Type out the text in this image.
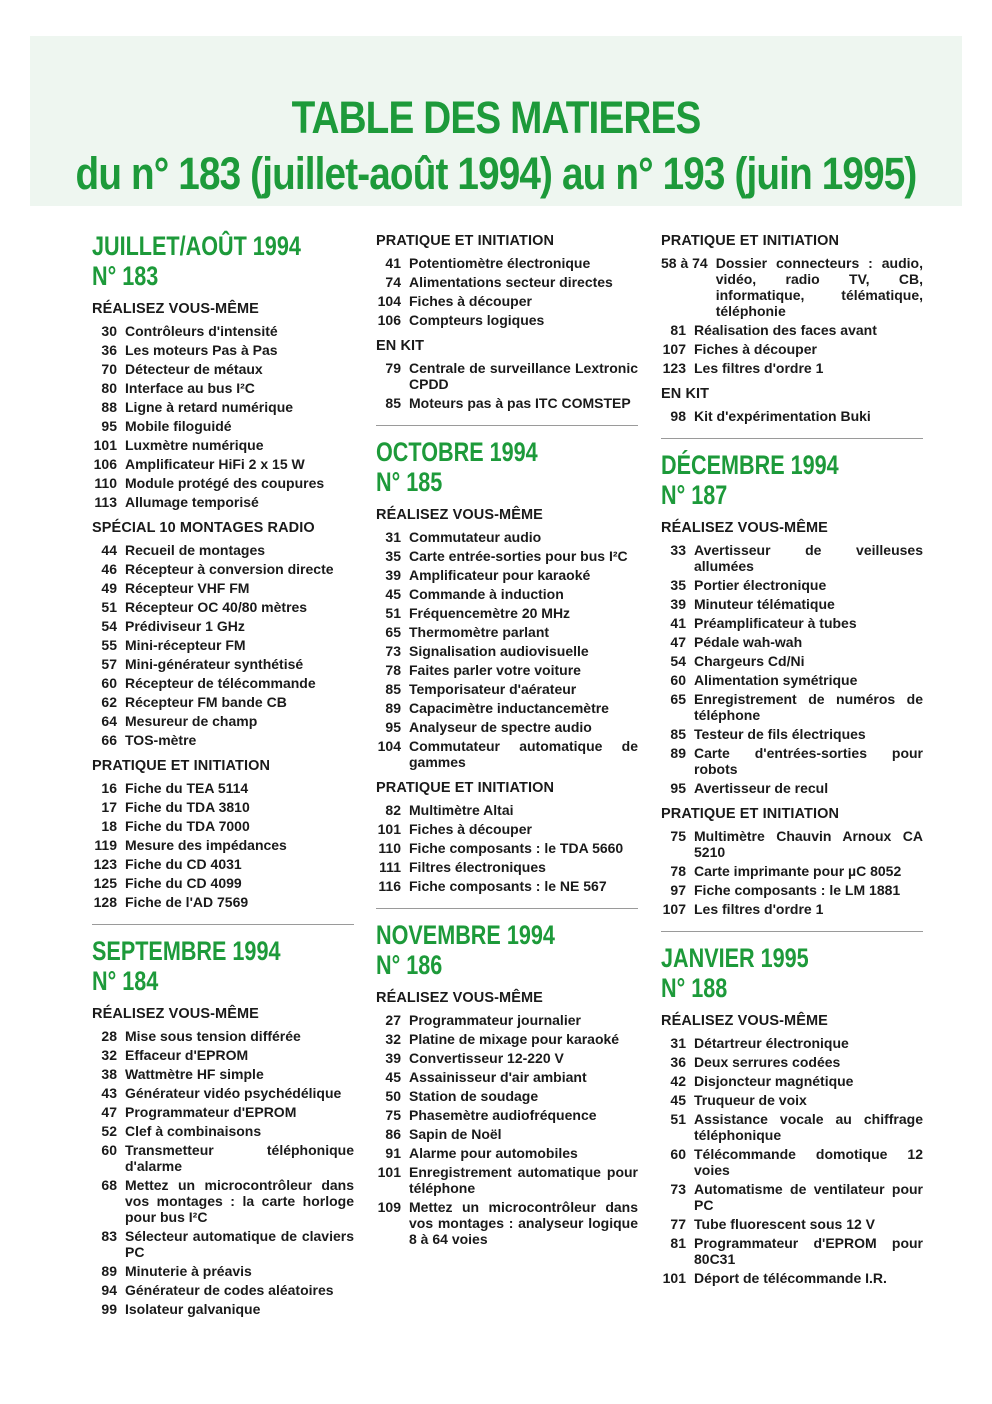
TABLE DES MATIERES
du n° 183 (juillet-août 1994) au n° 193 (juin 1995)
JUILLET/AOÛT 1994
N° 183
RÉALISEZ VOUS-MÊME
30 Contrôleurs d'intensité
36 Les moteurs Pas à Pas
70 Détecteur de métaux
80 Interface au bus I²C
88 Ligne à retard numérique
95 Mobile filoguidé
101 Luxmètre numérique
106 Amplificateur HiFi 2 x 15 W
110 Module protégé des coupures
113 Allumage temporisé
SPÉCIAL 10 MONTAGES RADIO
44 Recueil de montages
46 Récepteur à conversion directe
49 Récepteur VHF FM
51 Récepteur OC 40/80 mètres
54 Prédiviseur 1 GHz
55 Mini-récepteur FM
57 Mini-générateur synthétisé
60 Récepteur de télécommande
62 Récepteur FM bande CB
64 Mesureur de champ
66 TOS-mètre
PRATIQUE ET INITIATION
16 Fiche du TEA 5114
17 Fiche du TDA 3810
18 Fiche du TDA 7000
119 Mesure des impédances
123 Fiche du CD 4031
125 Fiche du CD 4099
128 Fiche de l'AD 7569
SEPTEMBRE 1994
N° 184
RÉALISEZ VOUS-MÊME
28 Mise sous tension différée
32 Effaceur d'EPROM
38 Wattmètre HF simple
43 Générateur vidéo psychédélique
47 Programmateur d'EPROM
52 Clef à combinaisons
60 Transmetteur téléphonique d'alarme
68 Mettez un microcontrôleur dans vos montages : la carte horloge pour bus I²C
83 Sélecteur automatique de claviers PC
89 Minuterie à préavis
94 Générateur de codes aléatoires
99 Isolateur galvanique
PRATIQUE ET INITIATION
41 Potentiomètre électronique
74 Alimentations secteur directes
104 Fiches à découper
106 Compteurs logiques
EN KIT
79 Centrale de surveillance Lextronic CPDD
85 Moteurs pas à pas ITC COMSTEP
OCTOBRE 1994
N° 185
RÉALISEZ VOUS-MÊME
31 Commutateur audio
35 Carte entrée-sorties pour bus I²C
39 Amplificateur pour karaoké
45 Commande à induction
51 Fréquencemètre 20 MHz
65 Thermomètre parlant
73 Signalisation audiovisuelle
78 Faites parler votre voiture
85 Temporisateur d'aérateur
89 Capacimètre inductancemètre
95 Analyseur de spectre audio
104 Commutateur automatique de gammes
PRATIQUE ET INITIATION
82 Multimètre Altai
101 Fiches à découper
110 Fiche composants : le TDA 5660
111 Filtres électroniques
116 Fiche composants : le NE 567
NOVEMBRE 1994
N° 186
RÉALISEZ VOUS-MÊME
27 Programmateur journalier
32 Platine de mixage pour karaoké
39 Convertisseur 12-220 V
45 Assainisseur d'air ambiant
50 Station de soudage
75 Phasemètre audiofréquence
86 Sapin de Noël
91 Alarme pour automobiles
101 Enregistrement automatique pour téléphone
109 Mettez un microcontrôleur dans vos montages : analyseur logique 8 à 64 voies
PRATIQUE ET INITIATION
58 à 74 Dossier connecteurs : audio, vidéo, radio TV, CB, informatique, télématique, téléphonie
81 Réalisation des faces avant
107 Fiches à découper
123 Les filtres d'ordre 1
EN KIT
98 Kit d'expérimentation Buki
DÉCEMBRE 1994
N° 187
RÉALISEZ VOUS-MÊME
33 Avertisseur de veilleuses allumées
35 Portier électronique
39 Minuteur télématique
41 Préamplificateur à tubes
47 Pédale wah-wah
54 Chargeurs Cd/Ni
60 Alimentation symétrique
65 Enregistrement de numéros de téléphone
85 Testeur de fils électriques
89 Carte d'entrées-sorties pour robots
95 Avertisseur de recul
PRATIQUE ET INITIATION
75 Multimètre Chauvin Arnoux CA 5210
78 Carte imprimante pour µC 8052
97 Fiche composants : le LM 1881
107 Les filtres d'ordre 1
JANVIER 1995
N° 188
RÉALISEZ VOUS-MÊME
31 Détartreur électronique
36 Deux serrures codées
42 Disjoncteur magnétique
45 Truqueur de voix
51 Assistance vocale au chiffrage téléphonique
60 Télécommande domotique 12 voies
73 Automatisme de ventilateur pour PC
77 Tube fluorescent sous 12 V
81 Programmateur d'EPROM pour 80C31
101 Déport de télécommande I.R.
